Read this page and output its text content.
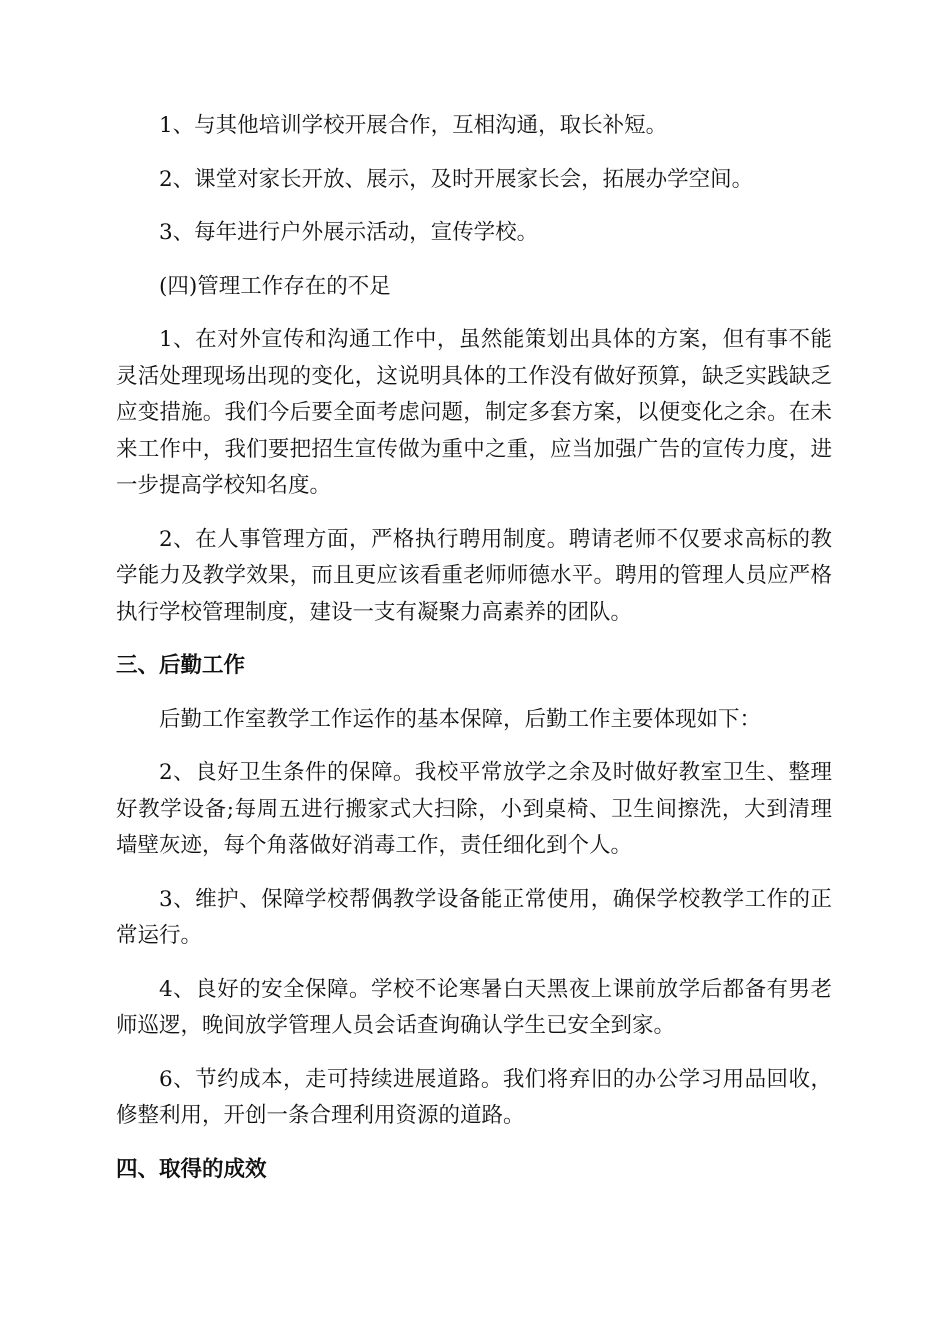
1、与其他培训学校开展合作，互相沟通，取长补短。

2、课堂对家长开放、展示，及时开展家长会，拓展办学空间。

3、每年进行户外展示活动，宣传学校。

(四)管理工作存在的不足

1、在对外宣传和沟通工作中，虽然能策划出具体的方案，但有事不能灵活处理现场出现的变化，这说明具体的工作没有做好预算，缺乏实践缺乏应变措施。我们今后要全面考虑问题，制定多套方案，以便变化之余。在未来工作中，我们要把招生宣传做为重中之重，应当加强广告的宣传力度，进一步提高学校知名度。

2、在人事管理方面，严格执行聘用制度。聘请老师不仅要求高标的教学能力及教学效果，而且更应该看重老师师德水平。聘用的管理人员应严格执行学校管理制度，建设一支有凝聚力高素养的团队。

三、后勤工作

后勤工作室教学工作运作的基本保障，后勤工作主要体现如下：

2、良好卫生条件的保障。我校平常放学之余及时做好教室卫生、整理好教学设备;每周五进行搬家式大扫除，小到桌椅、卫生间擦洗，大到清理墙壁灰迹，每个角落做好消毒工作，责任细化到个人。

3、维护、保障学校帮偶教学设备能正常使用，确保学校教学工作的正常运行。

4、良好的安全保障。学校不论寒暑白天黑夜上课前放学后都备有男老师巡逻，晚间放学管理人员会话查询确认学生已安全到家。

6、节约成本，走可持续进展道路。我们将弃旧的办公学习用品回收，修整利用，开创一条合理利用资源的道路。

四、取得的成效
